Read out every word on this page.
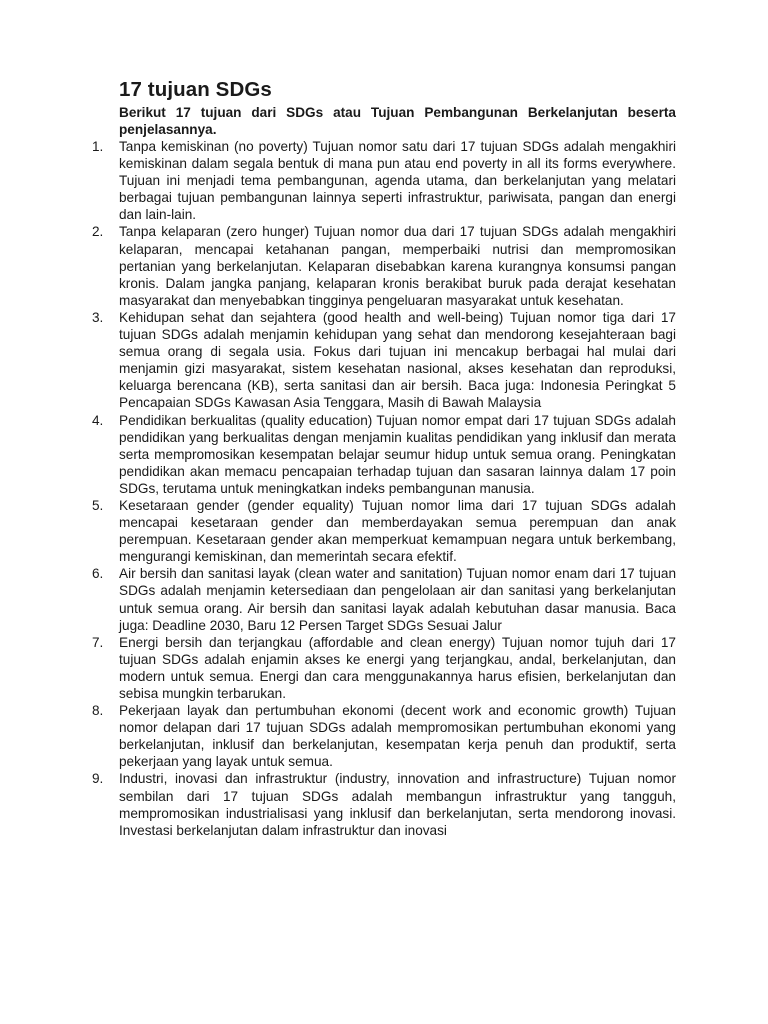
17 tujuan SDGs

Berikut 17 tujuan dari SDGs atau Tujuan Pembangunan Berkelanjutan beserta penjelasannya.

1. Tanpa kemiskinan (no poverty) Tujuan nomor satu dari 17 tujuan SDGs adalah mengakhiri kemiskinan dalam segala bentuk di mana pun atau end poverty in all its forms everywhere. Tujuan ini menjadi tema pembangunan, agenda utama, dan berkelanjutan yang melatari berbagai tujuan pembangunan lainnya seperti infrastruktur, pariwisata, pangan dan energi dan lain-lain.
2. Tanpa kelaparan (zero hunger) Tujuan nomor dua dari 17 tujuan SDGs adalah mengakhiri kelaparan, mencapai ketahanan pangan, memperbaiki nutrisi dan mempromosikan pertanian yang berkelanjutan. Kelaparan disebabkan karena kurangnya konsumsi pangan kronis. Dalam jangka panjang, kelaparan kronis berakibat buruk pada derajat kesehatan masyarakat dan menyebabkan tingginya pengeluaran masyarakat untuk kesehatan.
3. Kehidupan sehat dan sejahtera (good health and well-being) Tujuan nomor tiga dari 17 tujuan SDGs adalah menjamin kehidupan yang sehat dan mendorong kesejahteraan bagi semua orang di segala usia. Fokus dari tujuan ini mencakup berbagai hal mulai dari menjamin gizi masyarakat, sistem kesehatan nasional, akses kesehatan dan reproduksi, keluarga berencana (KB), serta sanitasi dan air bersih. Baca juga: Indonesia Peringkat 5 Pencapaian SDGs Kawasan Asia Tenggara, Masih di Bawah Malaysia
4. Pendidikan berkualitas (quality education) Tujuan nomor empat dari 17 tujuan SDGs adalah pendidikan yang berkualitas dengan menjamin kualitas pendidikan yang inklusif dan merata serta mempromosikan kesempatan belajar seumur hidup untuk semua orang. Peningkatan pendidikan akan memacu pencapaian terhadap tujuan dan sasaran lainnya dalam 17 poin SDGs, terutama untuk meningkatkan indeks pembangunan manusia.
5. Kesetaraan gender (gender equality) Tujuan nomor lima dari 17 tujuan SDGs adalah mencapai kesetaraan gender dan memberdayakan semua perempuan dan anak perempuan. Kesetaraan gender akan memperkuat kemampuan negara untuk berkembang, mengurangi kemiskinan, dan memerintah secara efektif.
6. Air bersih dan sanitasi layak (clean water and sanitation) Tujuan nomor enam dari 17 tujuan SDGs adalah menjamin ketersediaan dan pengelolaan air dan sanitasi yang berkelanjutan untuk semua orang. Air bersih dan sanitasi layak adalah kebutuhan dasar manusia. Baca juga: Deadline 2030, Baru 12 Persen Target SDGs Sesuai Jalur
7. Energi bersih dan terjangkau (affordable and clean energy) Tujuan nomor tujuh dari 17 tujuan SDGs adalah enjamin akses ke energi yang terjangkau, andal, berkelanjutan, dan modern untuk semua. Energi dan cara menggunakannya harus efisien, berkelanjutan dan sebisa mungkin terbarukan.
8. Pekerjaan layak dan pertumbuhan ekonomi (decent work and economic growth) Tujuan nomor delapan dari 17 tujuan SDGs adalah mempromosikan pertumbuhan ekonomi yang berkelanjutan, inklusif dan berkelanjutan, kesempatan kerja penuh dan produktif, serta pekerjaan yang layak untuk semua.
9. Industri, inovasi dan infrastruktur (industry, innovation and infrastructure) Tujuan nomor sembilan dari 17 tujuan SDGs adalah membangun infrastruktur yang tangguh, mempromosikan industrialisasi yang inklusif dan berkelanjutan, serta mendorong inovasi. Investasi berkelanjutan dalam infrastruktur dan inovasi
